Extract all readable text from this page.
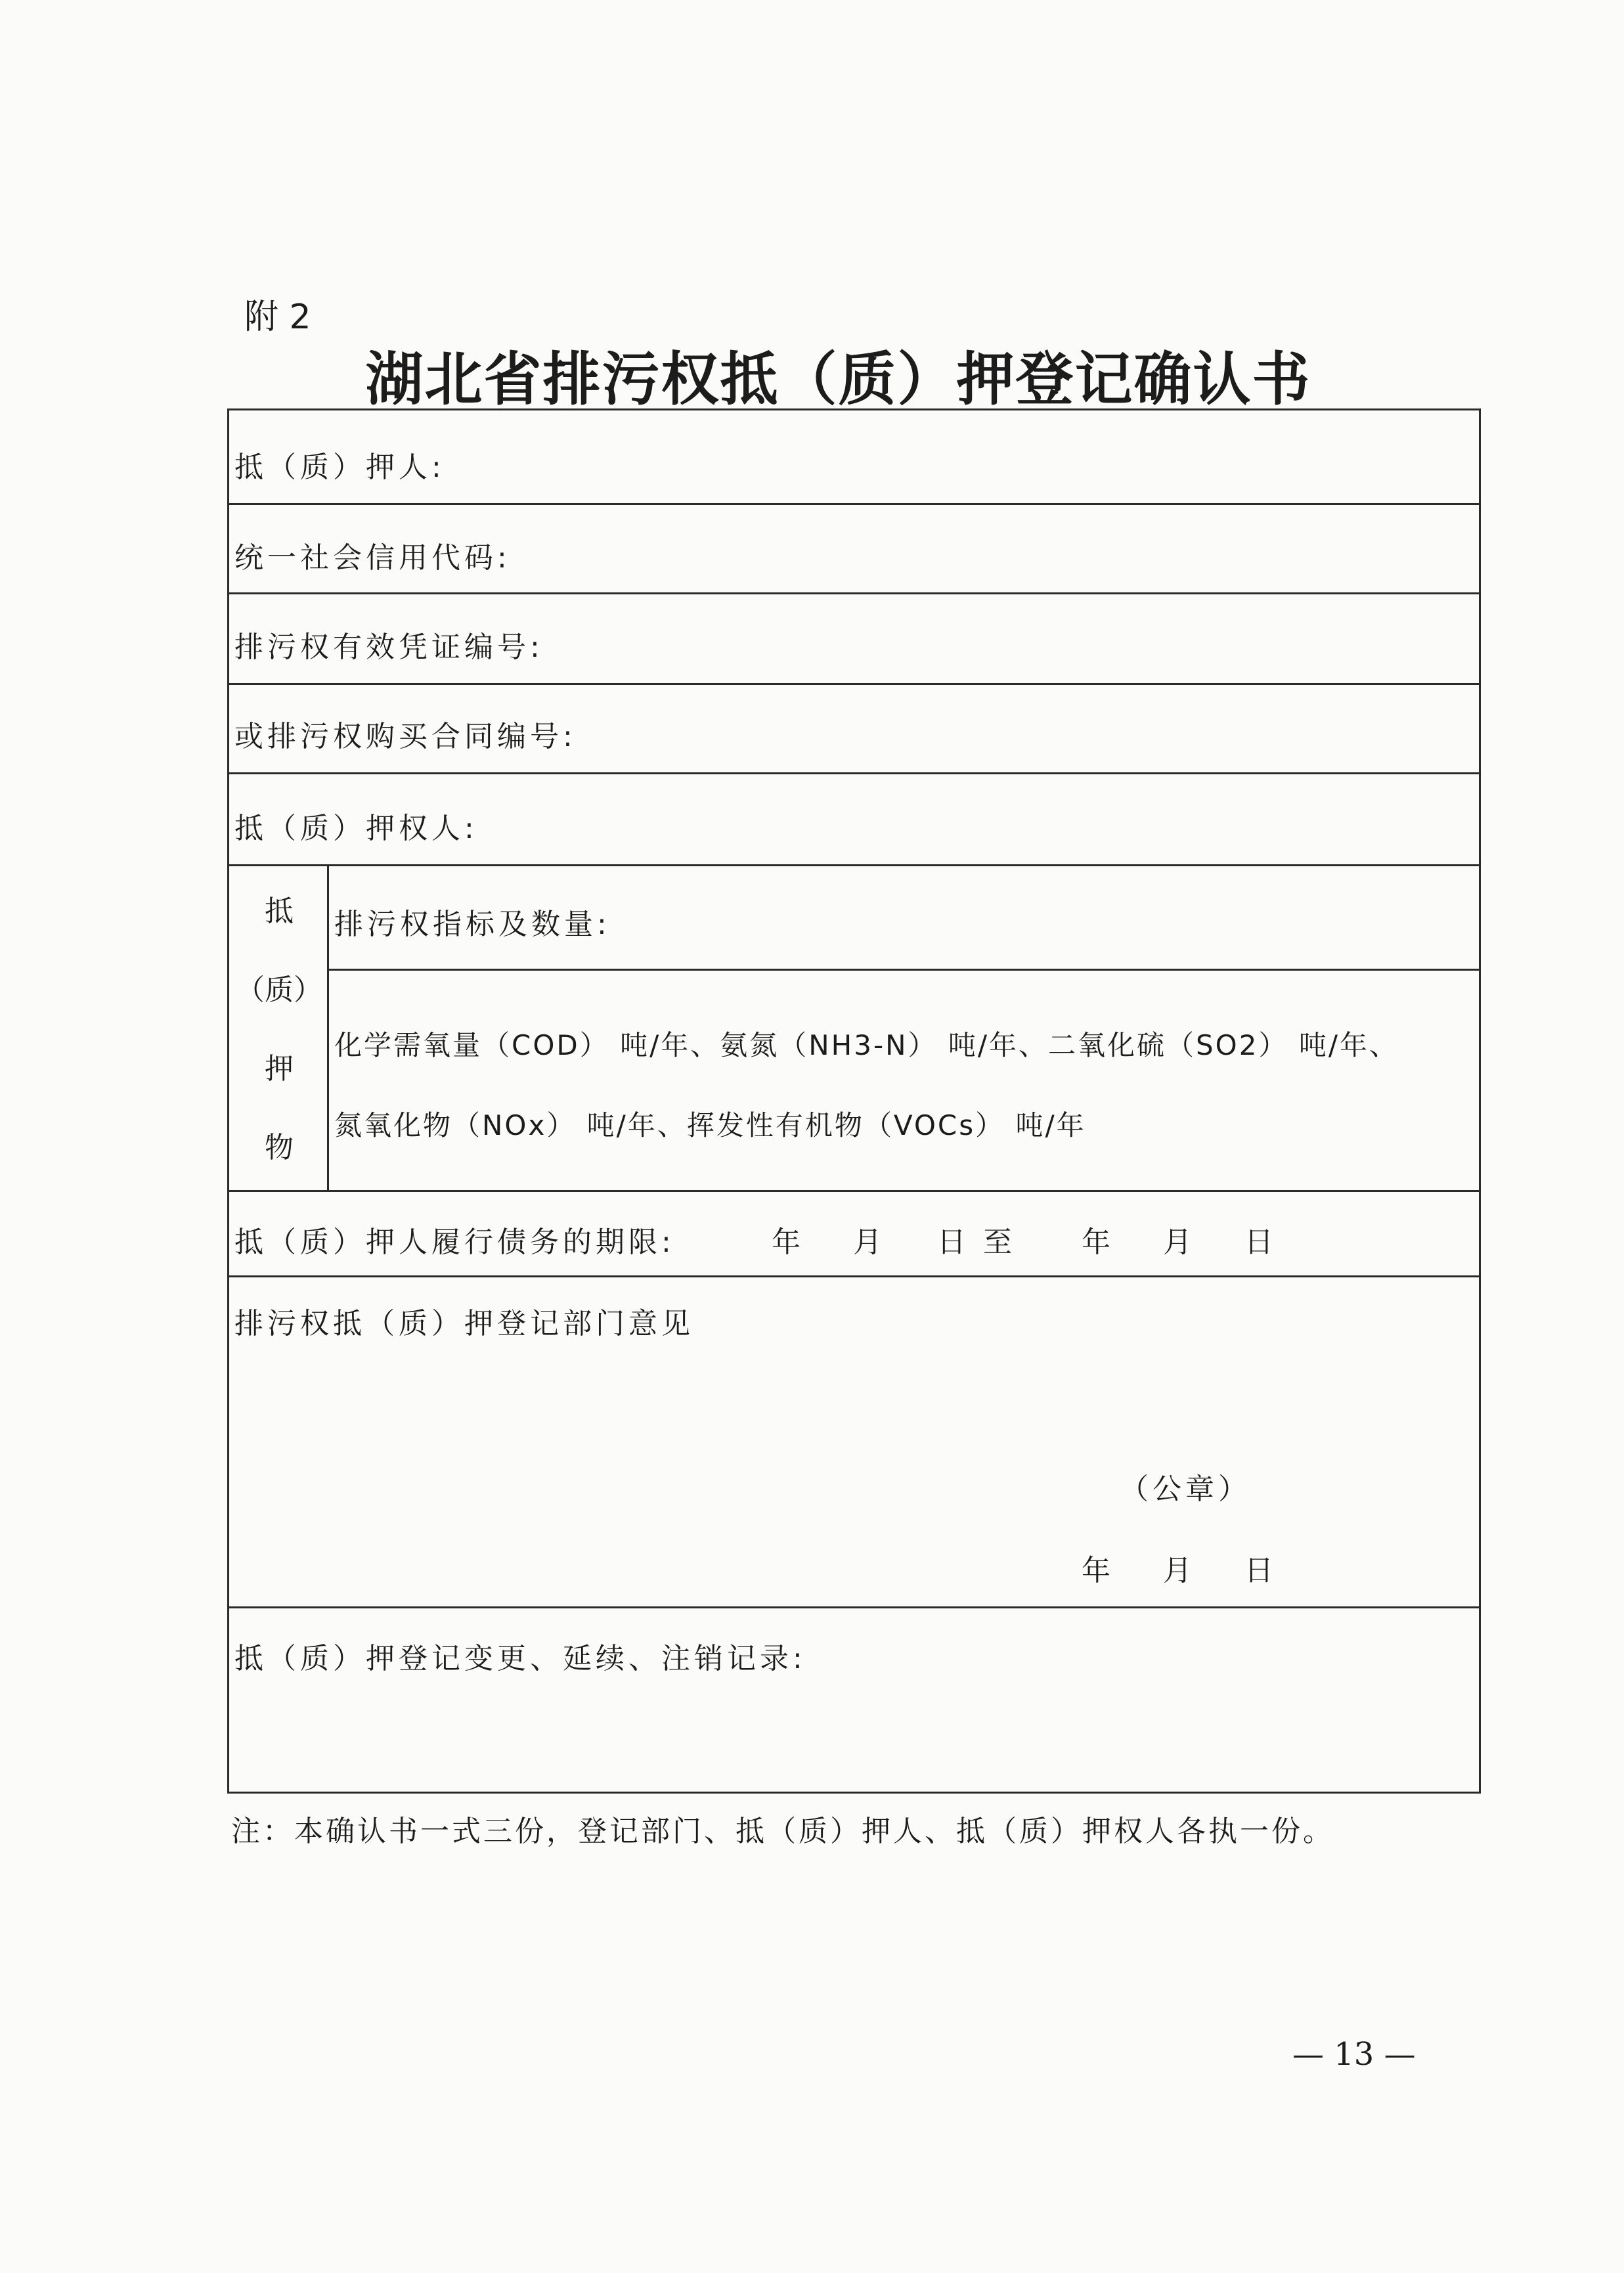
附 2
湖北省排污权抵（质）押登记确认书
抵（质）押人:
统一社会信用代码:
排污权有效凭证编号:
或排污权购买合同编号:
抵（质）押权人:
抵
（质）
押
物
排污权指标及数量:
化学需氧量（COD） 吨/年、氨氮（NH3-N） 吨/年、二氧化硫（SO2） 吨/年、
氮氧化物（NOx） 吨/年、挥发性有机物（VOCs） 吨/年
抵（质）押人履行债务的期限:	年 月 日 至 年 月 日
排污权抵（质）押登记部门意见
（公章）
年 月 日
抵（质）押登记变更、延续、注销记录:
注：本确认书一式三份，登记部门、抵（质）押人、抵（质）押权人各执一份。
— 13 —
